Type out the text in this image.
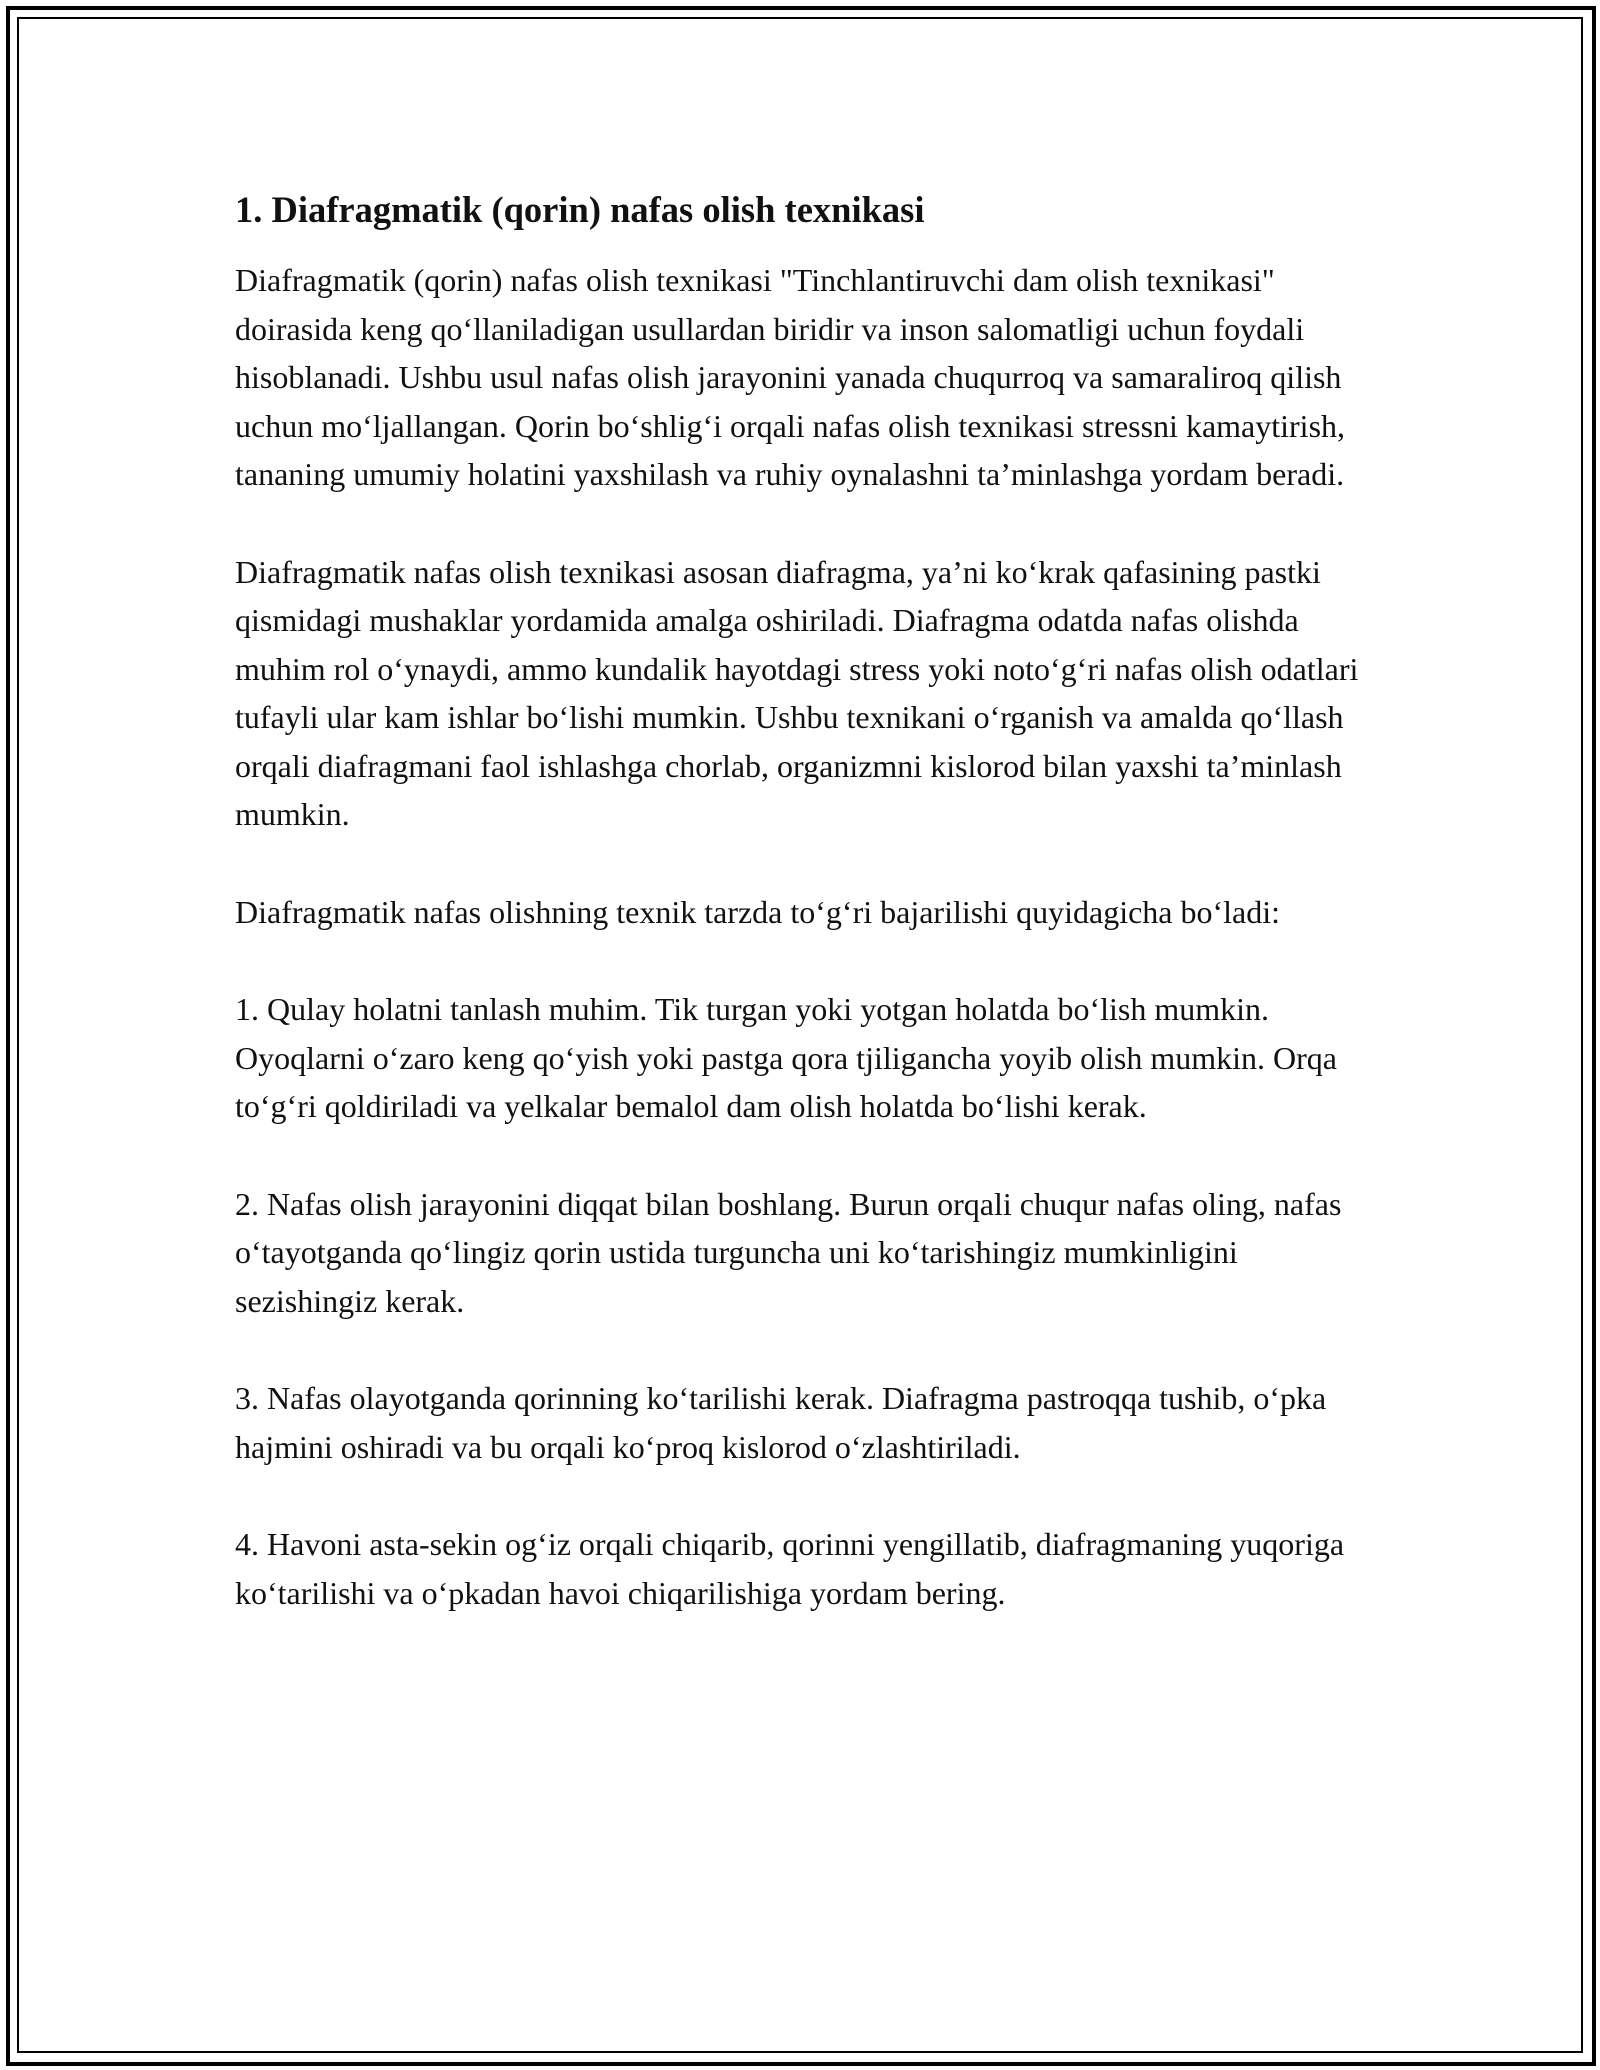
1. Diafragmatik (qorin) nafas olish texnikasi

Diafragmatik (qorin) nafas olish texnikasi "Tinchlantiruvchi dam olish texnikasi" doirasida keng qo‘llaniladigan usullardan biridir va inson salomatligi uchun foydali hisoblanadi. Ushbu usul nafas olish jarayonini yanada chuqurroq va samaraliroq qilish uchun mo‘ljallangan. Qorin bo‘shlig‘i orqali nafas olish texnikasi stressni kamaytirish, tananing umumiy holatini yaxshilash va ruhiy oynalashni ta’minlashga yordam beradi.

Diafragmatik nafas olish texnikasi asosan diafragma, ya’ni ko‘krak qafasining pastki qismidagi mushaklar yordamida amalga oshiriladi. Diafragma odatda nafas olishda muhim rol o‘ynaydi, ammo kundalik hayotdagi stress yoki noto‘g‘ri nafas olish odatlari tufayli ular kam ishlar bo‘lishi mumkin. Ushbu texnikani o‘rganish va amalda qo‘llash orqali diafragmani faol ishlashga chorlab, organizmni kislorod bilan yaxshi ta’minlash mumkin.

Diafragmatik nafas olishning texnik tarzda to‘g‘ri bajarilishi quyidagicha bo‘ladi:

1. Qulay holatni tanlash muhim. Tik turgan yoki yotgan holatda bo‘lish mumkin. Oyoqlarni o‘zaro keng qo‘yish yoki pastga qora tjiligancha yoyib olish mumkin. Orqa to‘g‘ri qoldiriladi va yelkalar bemalol dam olish holatda bo‘lishi kerak.

2. Nafas olish jarayonini diqqat bilan boshlang. Burun orqali chuqur nafas oling, nafas o‘tayotganda qo‘lingiz qorin ustida turguncha uni ko‘tarishingiz mumkinligini sezishingiz kerak.

3. Nafas olayotganda qorinning ko‘tarilishi kerak. Diafragma pastroqqa tushib, o‘pka hajmini oshiradi va bu orqali ko‘proq kislorod o‘zlashtiriladi.

4. Havoni asta-sekin og‘iz orqali chiqarib, qorinni yengillatib, diafragmaning yuqoriga ko‘tarilishi va o‘pkadan havoi chiqarilishiga yordam bering.
